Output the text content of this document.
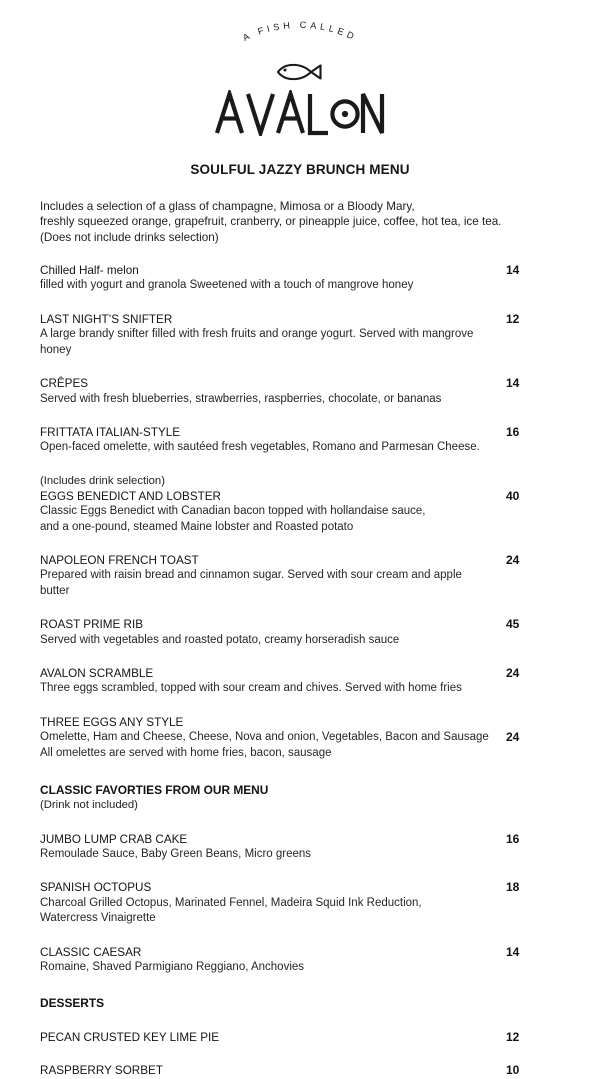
A FISH CALLED
SOULFUL JAZZY BRUNCH MENU
Includes a selection of a glass of champagne, Mimosa or a Bloody Mary,
freshly squeezed orange, grapefruit, cranberry, or pineapple juice, coffee, hot tea, ice tea.
(Does not include drinks selection)
Chilled Half- melon
filled with yogurt and granola Sweetened with a touch of mangrove honey
14
LAST NIGHT’S SNIFTER
A large brandy snifter filled with fresh fruits and orange yogurt. Served with mangrove honey
12
CRÊPES
Served with fresh blueberries, strawberries, raspberries, chocolate, or bananas
14
FRITTATA ITALIAN-STYLE
Open-faced omelette, with sautéed fresh vegetables, Romano and Parmesan Cheese.
16
(Includes drink selection)
EGGS BENEDICT AND LOBSTER
Classic Eggs Benedict with Canadian bacon topped with hollandaise sauce,
and a one-pound, steamed Maine lobster and Roasted potato
40
NAPOLEON FRENCH TOAST
Prepared with raisin bread and cinnamon sugar. Served with sour cream and apple butter
24
ROAST PRIME RIB
Served with vegetables and roasted potato, creamy horseradish sauce
45
AVALON SCRAMBLE
Three eggs scrambled, topped with sour cream and chives. Served with home fries
24
THREE EGGS ANY STYLE
Omelette, Ham and Cheese, Cheese, Nova and onion, Vegetables, Bacon and Sausage
All omelettes are served with home fries, bacon, sausage
24
CLASSIC FAVORTIES FROM OUR MENU
(Drink not included)
JUMBO LUMP CRAB CAKE
Remoulade Sauce, Baby Green Beans, Micro greens
16
SPANISH OCTOPUS
Charcoal Grilled Octopus, Marinated Fennel, Madeira Squid Ink Reduction,
Watercress Vinaigrette
18
CLASSIC CAESAR
Romaine, Shaved Parmigiano Reggiano, Anchovies
14
DESSERTS
PECAN CRUSTED KEY LIME PIE	12
RASPBERRY SORBET	10
